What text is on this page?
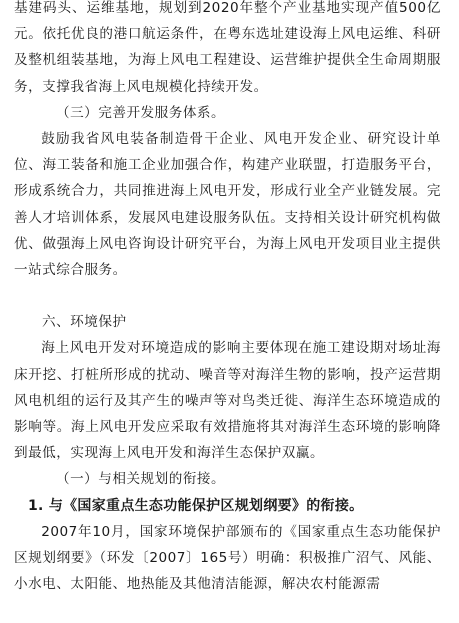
基建码头、运维基地，规划到2020年整个产业基地实现产值500亿元。依托优良的港口航运条件，在粤东选址建设海上风电运维、科研及整机组装基地，为海上风电工程建设、运营维护提供全生命周期服务，支撑我省海上风电规模化持续开发。

（三）完善开发服务体系。

鼓励我省风电装备制造骨干企业、风电开发企业、研究设计单位、海工装备和施工企业加强合作，构建产业联盟，打造服务平台，形成系统合力，共同推进海上风电开发，形成行业全产业链发展。完善人才培训体系，发展风电建设服务队伍。支持相关设计研究机构做优、做强海上风电咨询设计研究平台，为海上风电开发项目业主提供一站式综合服务。

六、环境保护

海上风电开发对环境造成的影响主要体现在施工建设期对场址海床开挖、打桩所形成的扰动、噪音等对海洋生物的影响，投产运营期风电机组的运行及其产生的噪声等对鸟类迁徙、海洋生态环境造成的影响等。海上风电开发应采取有效措施将其对海洋生态环境的影响降到最低，实现海上风电开发和海洋生态保护双赢。

（一）与相关规划的衔接。

1. 与《国家重点生态功能保护区规划纲要》的衔接。

2007年10月，国家环境保护部颁布的《国家重点生态功能保护区规划纲要》（环发〔2007〕165号）明确：积极推广沼气、风能、小水电、太阳能、地热能及其他清洁能源，解决农村能源需
